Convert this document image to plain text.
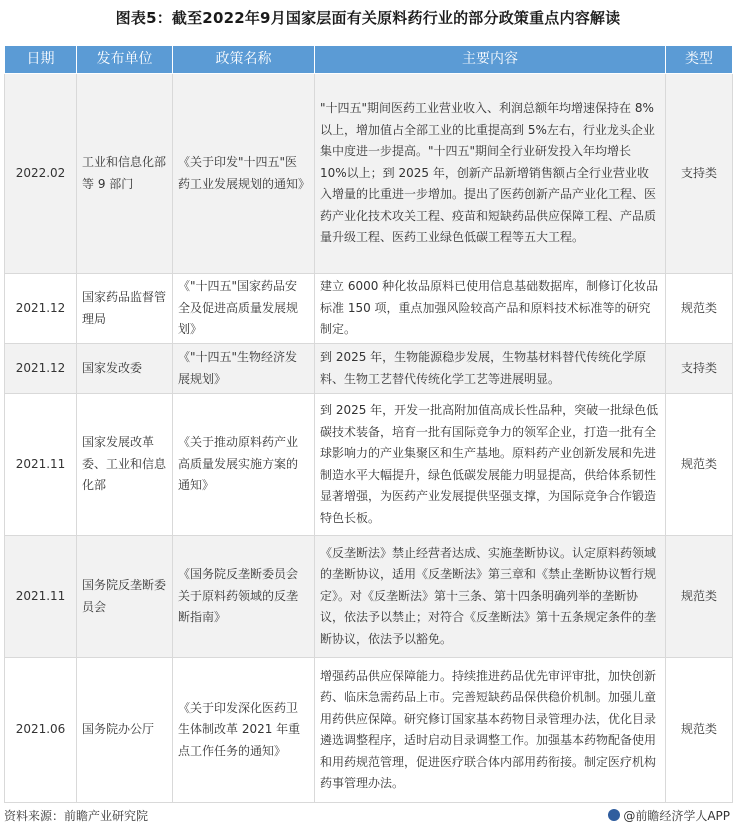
图表5：截至2022年9月国家层面有关原料药行业的部分政策重点内容解读
日期	发布单位	政策名称	主要内容	类型
2022.02	工业和信息化部等 9 部门	《关于印发"十四五"医药工业发展规划的通知》	"十四五"期间医药工业营业收入、利润总额年均增速保持在 8%以上，增加值占全部工业的比重提高到 5%左右，行业龙头企业集中度进一步提高。"十四五"期间全行业研发投入年均增长 10%以上；到 2025 年，创新产品新增销售额占全行业营业收入增量的比重进一步增加。提出了医药创新产品产业化工程、医药产业化技术攻关工程、疫苗和短缺药品供应保障工程、产品质量升级工程、医药工业绿色低碳工程等五大工程。	支持类
2021.12	国家药品监督管理局	《"十四五"国家药品安全及促进高质量发展规划》	建立 6000 种化妆品原料已使用信息基础数据库，制修订化妆品标准 150 项，重点加强风险较高产品和原料技术标准等的研究制定。	规范类
2021.12	国家发改委	《"十四五"生物经济发展规划》	到 2025 年，生物能源稳步发展，生物基材料替代传统化学原料、生物工艺替代传统化学工艺等进展明显。	支持类
2021.11	国家发展改革委、工业和信息化部	《关于推动原料药产业高质量发展实施方案的通知》	到 2025 年，开发一批高附加值高成长性品种，突破一批绿色低碳技术装备，培育一批有国际竞争力的领军企业，打造一批有全球影响力的产业集聚区和生产基地。原料药产业创新发展和先进制造水平大幅提升，绿色低碳发展能力明显提高，供给体系韧性显著增强，为医药产业发展提供坚强支撑，为国际竞争合作锻造特色长板。	规范类
2021.11	国务院反垄断委员会	《国务院反垄断委员会关于原料药领域的反垄断指南》	《反垄断法》禁止经营者达成、实施垄断协议。认定原料药领域的垄断协议，适用《反垄断法》第三章和《禁止垄断协议暂行规定》。对《反垄断法》第十三条、第十四条明确列举的垄断协议，依法予以禁止；对符合《反垄断法》第十五条规定条件的垄断协议，依法予以豁免。	规范类
2021.06	国务院办公厅	《关于印发深化医药卫生体制改革 2021 年重点工作任务的通知》	增强药品供应保障能力。持续推进药品优先审评审批，加快创新药、临床急需药品上市。完善短缺药品保供稳价机制。加强儿童用药供应保障。研究修订国家基本药物目录管理办法，优化目录遴选调整程序，适时启动目录调整工作。加强基本药物配备使用和用药规范管理，促进医疗联合体内部用药衔接。制定医疗机构药事管理办法。	规范类
资料来源：前瞻产业研究院	@前瞻经济学人APP
